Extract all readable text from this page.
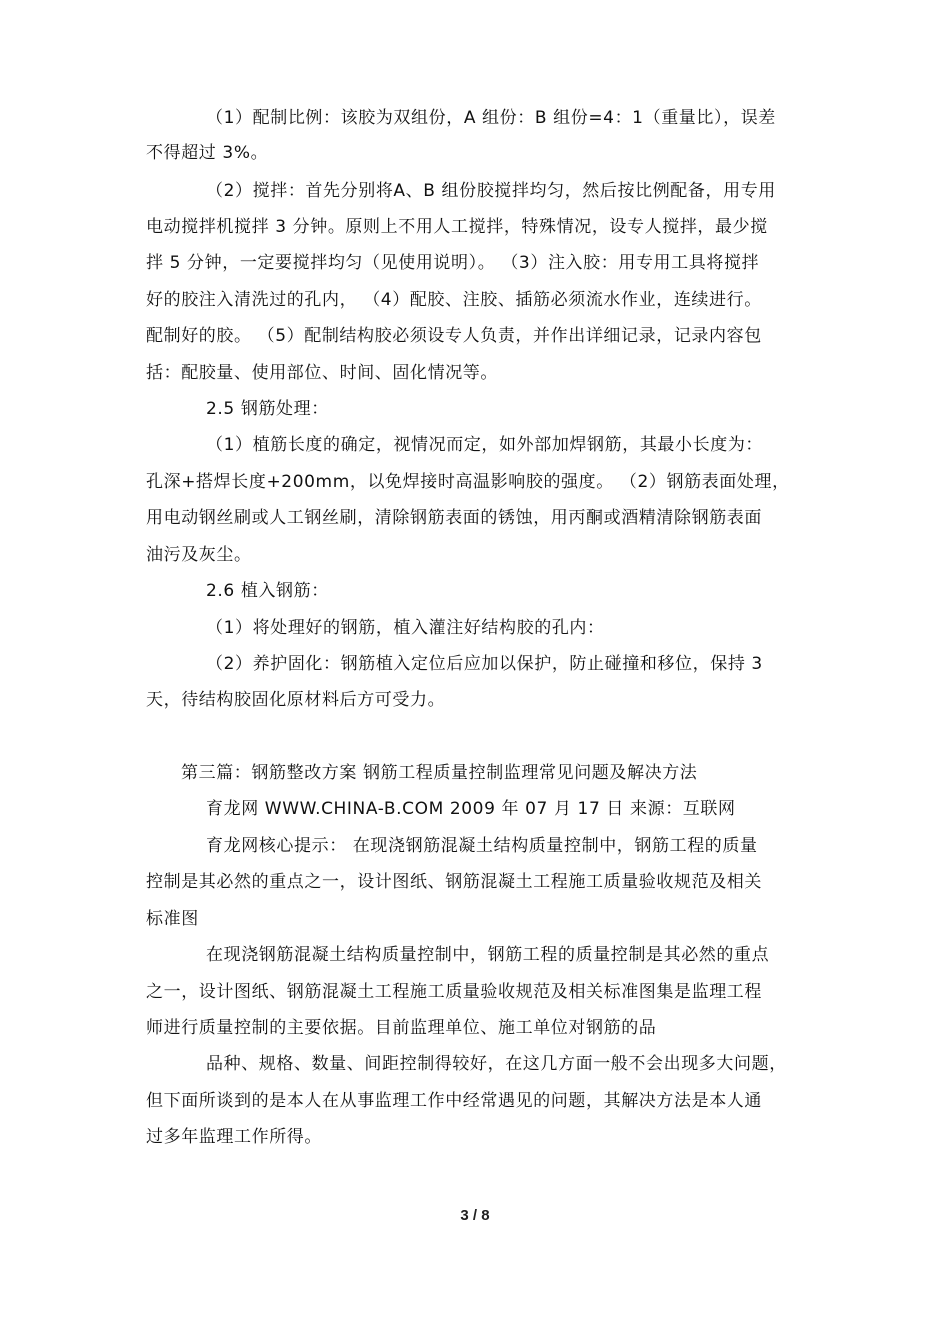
（1）配制比例：该胶为双组份，A 组份：B 组份=4：1（重量比），误差
不得超过 3%。
（2）搅拌：首先分别将A、B 组份胶搅拌均匀，然后按比例配备，用专用
电动搅拌机搅拌 3 分钟。原则上不用人工搅拌，特殊情况，设专人搅拌，最少搅
拌 5 分钟，一定要搅拌均匀（见使用说明）。 （3）注入胶：用专用工具将搅拌
好的胶注入清洗过的孔内， （4）配胶、注胶、插筋必须流水作业，连续进行。
配制好的胶。 （5）配制结构胶必须设专人负责，并作出详细记录，记录内容包
括：配胶量、使用部位、时间、固化情况等。
2.5 钢筋处理：
（1）植筋长度的确定，视情况而定，如外部加焊钢筋，其最小长度为：
孔深+搭焊长度+200mm，以免焊接时高温影响胶的强度。 （2）钢筋表面处理，
用电动钢丝刷或人工钢丝刷，清除钢筋表面的锈蚀，用丙酮或酒精清除钢筋表面
油污及灰尘。
2.6 植入钢筋：
（1）将处理好的钢筋，植入灌注好结构胶的孔内：
（2）养护固化：钢筋植入定位后应加以保护，防止碰撞和移位，保持 3
天，待结构胶固化原材料后方可受力。
第三篇：钢筋整改方案 钢筋工程质量控制监理常见问题及解决方法
育龙网 WWW.CHINA-B.COM 2009 年 07 月 17 日 来源：互联网
育龙网核心提示： 在现浇钢筋混凝土结构质量控制中，钢筋工程的质量
控制是其必然的重点之一，设计图纸、钢筋混凝土工程施工质量验收规范及相关
标准图
在现浇钢筋混凝土结构质量控制中，钢筋工程的质量控制是其必然的重点
之一，设计图纸、钢筋混凝土工程施工质量验收规范及相关标准图集是监理工程
师进行质量控制的主要依据。目前监理单位、施工单位对钢筋的品
品种、规格、数量、间距控制得较好，在这几方面一般不会出现多大问题，
但下面所谈到的是本人在从事监理工作中经常遇见的问题，其解决方法是本人通
过多年监理工作所得。
3 / 8
